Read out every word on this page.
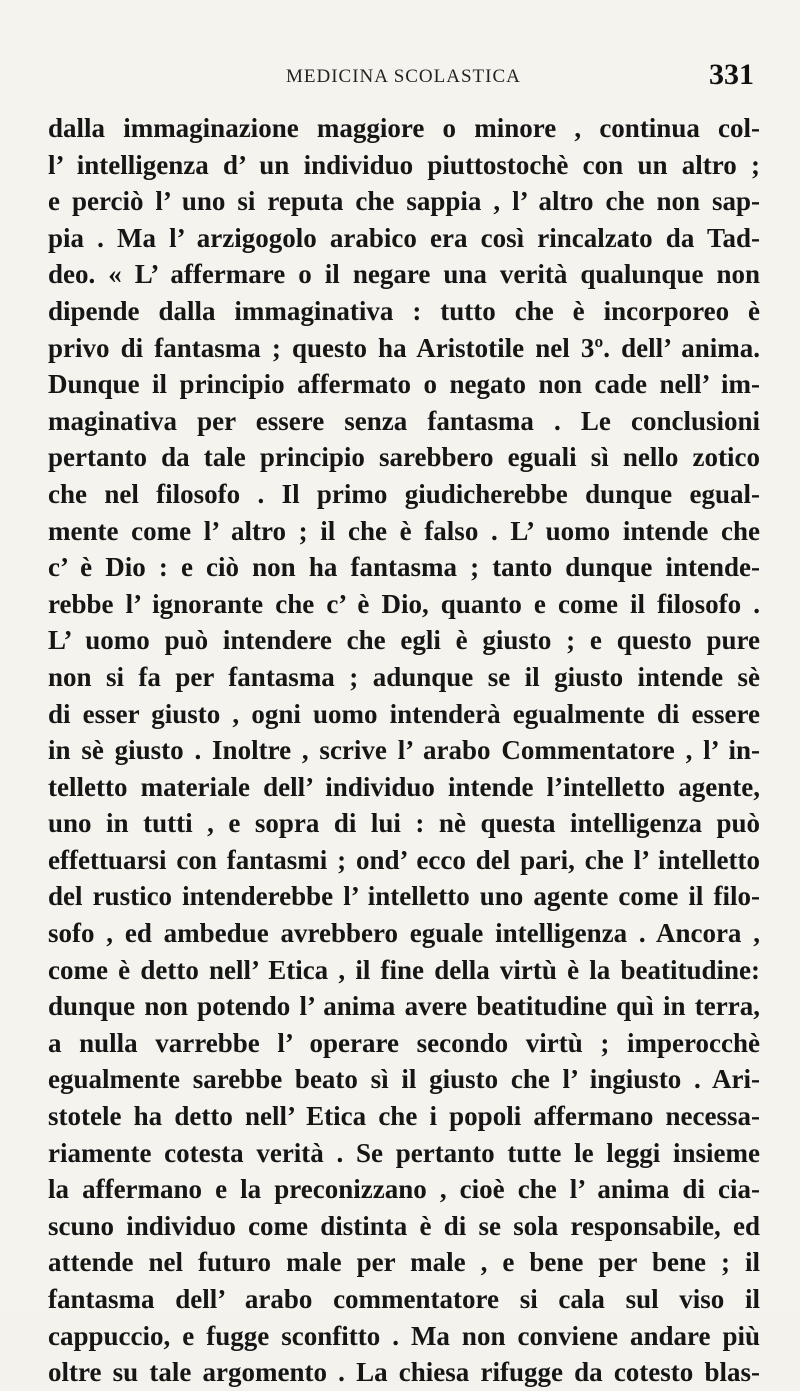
MEDICINA SCOLASTICA	331
dalla immaginazione maggiore o minore , continua col-
l’ intelligenza d’ un individuo piuttostochè con un altro ;
e perciò l’ uno si reputa che sappia , l’ altro che non sap-
pia . Ma l’ arzigogolo arabico era così rincalzato da Tad-
deo. « L’ affermare o il negare una verità qualunque non
dipende dalla immaginativa : tutto che è incorporeo è
privo di fantasma ; questo ha Aristotile nel 3º. dell’ anima.
Dunque il principio affermato o negato non cade nell’ im-
maginativa per essere senza fantasma . Le conclusioni
pertanto da tale principio sarebbero eguali sì nello zotico
che nel filosofo . Il primo giudicherebbe dunque egual-
mente come l’ altro ; il che è falso . L’ uomo intende che
c’ è Dio : e ciò non ha fantasma ; tanto dunque intende-
rebbe l’ ignorante che c’ è Dio, quanto e come il filosofo .
L’ uomo può intendere che egli è giusto ; e questo pure
non si fa per fantasma ; adunque se il giusto intende sè
di esser giusto , ogni uomo intenderà egualmente di essere
in sè giusto . Inoltre , scrive l’ arabo Commentatore , l’ in-
telletto materiale dell’ individuo intende l’intelletto agente,
uno in tutti , e sopra di lui : nè questa intelligenza può
effettuarsi con fantasmi ; ond’ ecco del pari, che l’ intelletto
del rustico intenderebbe l’ intelletto uno agente come il filo-
sofo , ed ambedue avrebbero eguale intelligenza . Ancora ,
come è detto nell’ Etica , il fine della virtù è la beatitudine:
dunque non potendo l’ anima avere beatitudine quì in terra,
a nulla varrebbe l’ operare secondo virtù ; imperocchè
egualmente sarebbe beato sì il giusto che l’ ingiusto . Ari-
stotele ha detto nell’ Etica che i popoli affermano necessa-
riamente cotesta verità . Se pertanto tutte le leggi insieme
la affermano e la preconizzano , cioè che l’ anima di cia-
scuno individuo come distinta è di se sola responsabile, ed
attende nel futuro male per male , e bene per bene ; il
fantasma dell’ arabo commentatore si cala sul viso il
cappuccio, e fugge sconfitto . Ma non conviene andare più
oltre su tale argomento . La chiesa rifugge da cotesto blas-
